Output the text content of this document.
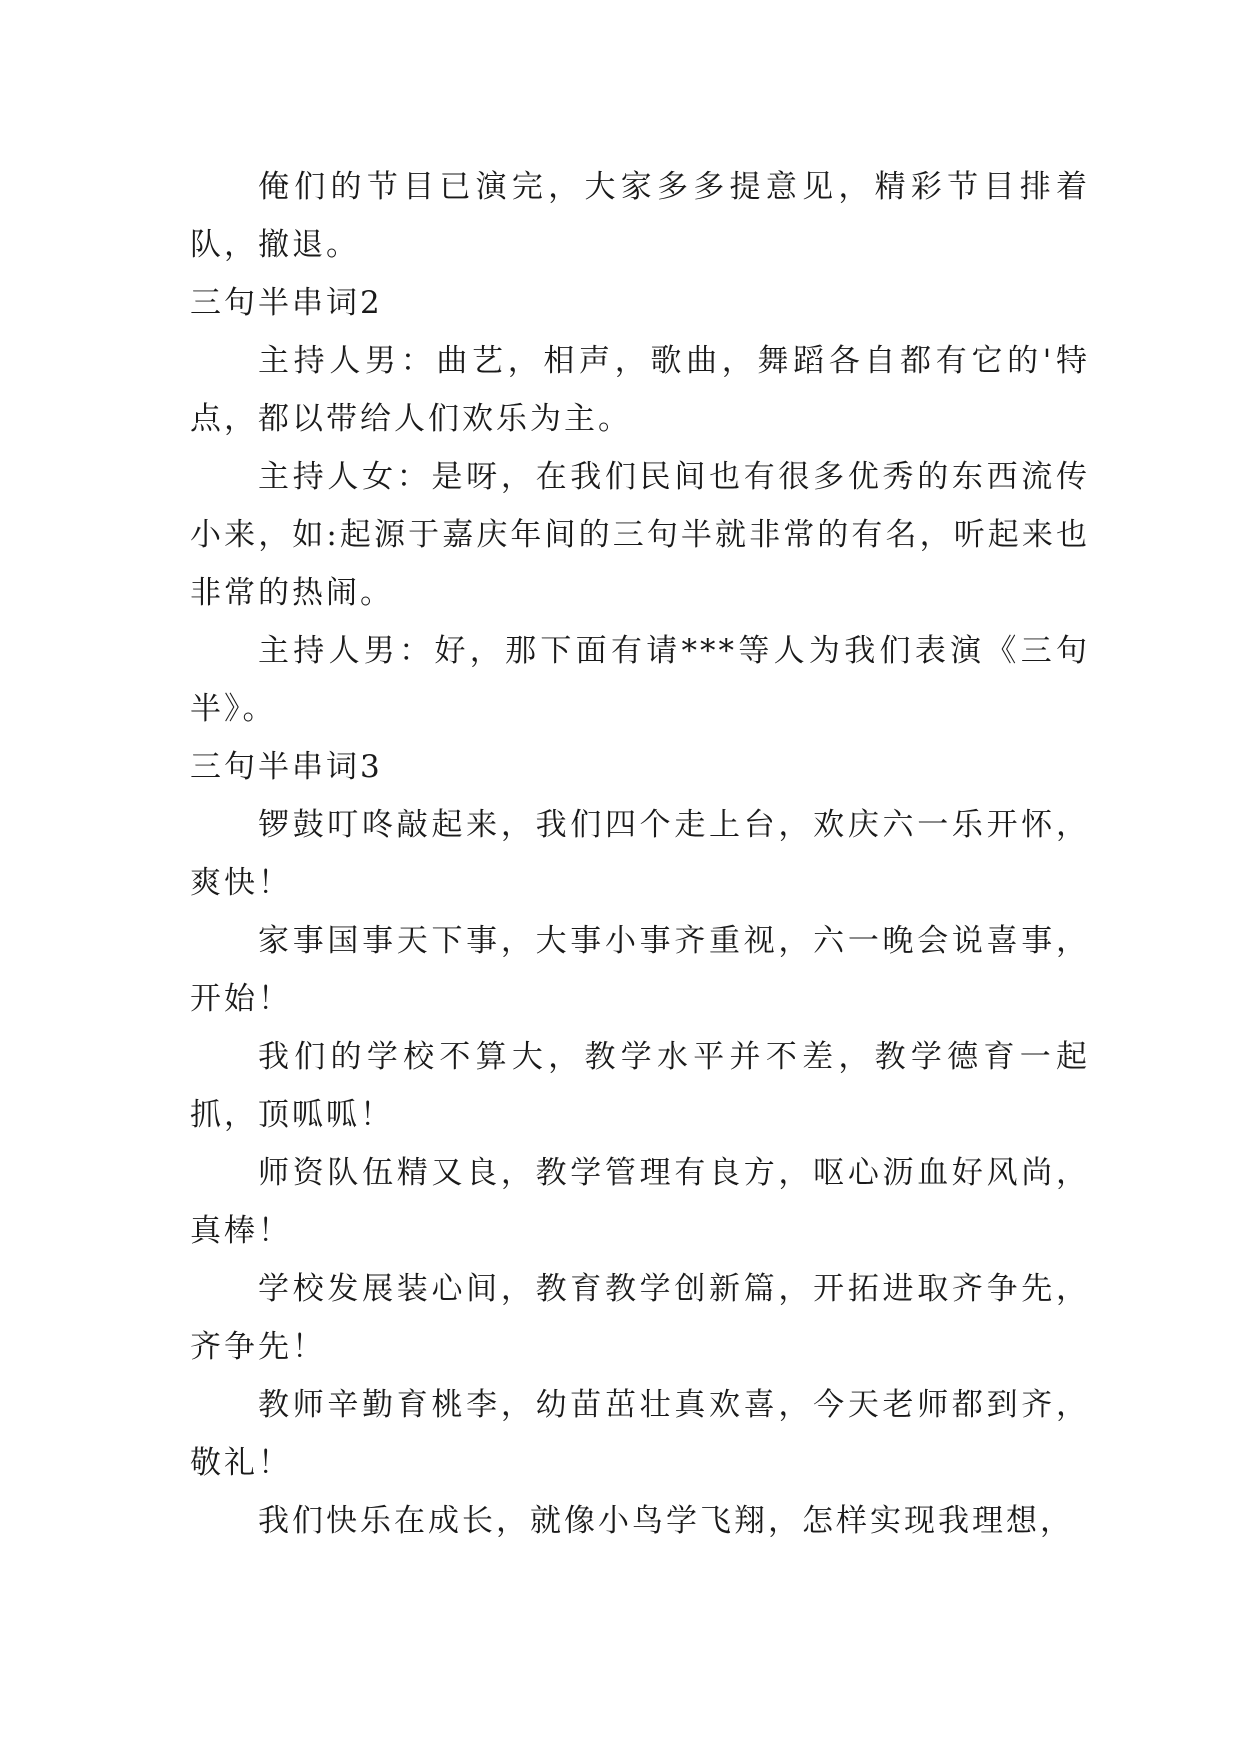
俺们的节目已演完，大家多多提意见，精彩节目排着队，撤退。

三句半串词2

主持人男：曲艺，相声，歌曲，舞蹈各自都有它的'特点，都以带给人们欢乐为主。

主持人女：是呀，在我们民间也有很多优秀的东西流传小来，如:起源于嘉庆年间的三句半就非常的有名，听起来也非常的热闹。

主持人男：好，那下面有请***等人为我们表演《三句半》。

三句半串词3

锣鼓叮咚敲起来，我们四个走上台，欢庆六一乐开怀，爽快！

家事国事天下事，大事小事齐重视，六一晚会说喜事，开始！

我们的学校不算大，教学水平并不差，教学德育一起抓，顶呱呱！

师资队伍精又良，教学管理有良方，呕心沥血好风尚，真棒！

学校发展装心间，教育教学创新篇，开拓进取齐争先，齐争先！

教师辛勤育桃李，幼苗茁壮真欢喜，今天老师都到齐，敬礼！

我们快乐在成长，就像小鸟学飞翔，怎样实现我理想，
